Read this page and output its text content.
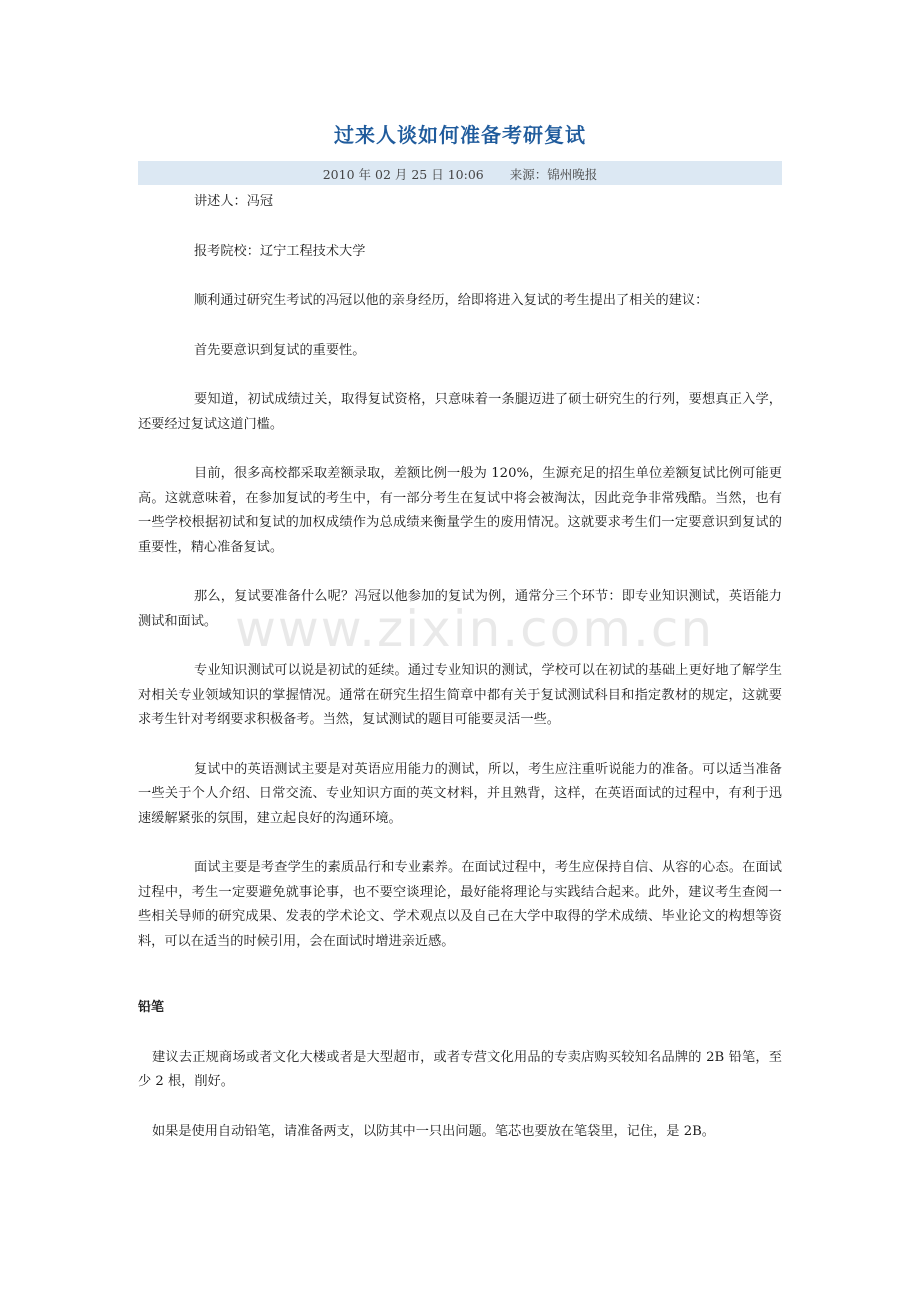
过来人谈如何准备考研复试
2010 年 02 月 25 日 10:06 来源：锦州晚报

讲述人：冯冠

报考院校：辽宁工程技术大学

顺利通过研究生考试的冯冠以他的亲身经历，给即将进入复试的考生提出了相关的建议：

首先要意识到复试的重要性。

要知道，初试成绩过关，取得复试资格，只意味着一条腿迈进了硕士研究生的行列，要想真正入学，还要经过复试这道门槛。

目前，很多高校都采取差额录取，差额比例一般为 120%，生源充足的招生单位差额复试比例可能更高。这就意味着，在参加复试的考生中，有一部分考生在复试中将会被淘汰，因此竞争非常残酷。当然，也有一些学校根据初试和复试的加权成绩作为总成绩来衡量学生的废用情况。这就要求考生们一定要意识到复试的重要性，精心准备复试。

那么，复试要准备什么呢？冯冠以他参加的复试为例，通常分三个环节：即专业知识测试，英语能力测试和面试。

专业知识测试可以说是初试的延续。通过专业知识的测试，学校可以在初试的基础上更好地了解学生对相关专业领域知识的掌握情况。通常在研究生招生简章中都有关于复试测试科目和指定教材的规定，这就要求考生针对考纲要求积极备考。当然，复试测试的题目可能要灵活一些。

复试中的英语测试主要是对英语应用能力的测试，所以，考生应注重听说能力的准备。可以适当准备一些关于个人介绍、日常交流、专业知识方面的英文材料，并且熟背，这样，在英语面试的过程中，有利于迅速缓解紧张的氛围，建立起良好的沟通环境。

面试主要是考查学生的素质品行和专业素养。在面试过程中，考生应保持自信、从容的心态。在面试过程中，考生一定要避免就事论事，也不要空谈理论，最好能将理论与实践结合起来。此外，建议考生查阅一些相关导师的研究成果、发表的学术论文、学术观点以及自己在大学中取得的学术成绩、毕业论文的构想等资料，可以在适当的时候引用，会在面试时增进亲近感。

铅笔

建议去正规商场或者文化大楼或者是大型超市，或者专营文化用品的专卖店购买较知名品牌的 2B 铅笔，至少 2 根，削好。

如果是使用自动铅笔，请准备两支，以防其中一只出问题。笔芯也要放在笔袋里，记住，是 2B。

www.zixin.com.cn
